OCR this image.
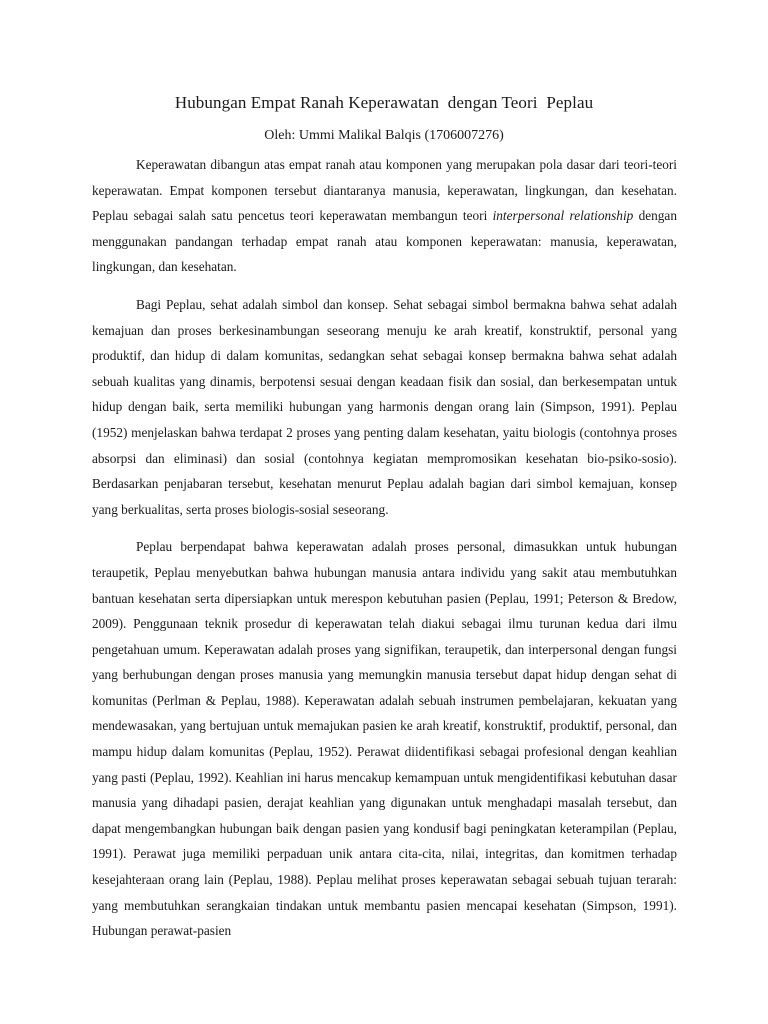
Hubungan Empat Ranah Keperawatan  dengan Teori  Peplau
Oleh: Ummi Malikal Balqis (1706007276)

Keperawatan dibangun atas empat ranah atau komponen yang merupakan pola dasar dari teori-teori keperawatan. Empat komponen tersebut diantaranya manusia, keperawatan, lingkungan, dan kesehatan. Peplau sebagai salah satu pencetus teori keperawatan membangun teori interpersonal relationship dengan menggunakan pandangan terhadap empat ranah atau komponen keperawatan: manusia, keperawatan, lingkungan, dan kesehatan.

Bagi Peplau, sehat adalah simbol dan konsep. Sehat sebagai simbol bermakna bahwa sehat adalah kemajuan dan proses berkesinambungan seseorang menuju ke arah kreatif, konstruktif, personal yang produktif, dan hidup di dalam komunitas, sedangkan sehat sebagai konsep bermakna bahwa sehat adalah sebuah kualitas yang dinamis, berpotensi sesuai dengan keadaan fisik dan sosial, dan berkesempatan untuk hidup dengan baik, serta memiliki hubungan yang harmonis dengan orang lain (Simpson, 1991). Peplau (1952) menjelaskan bahwa terdapat 2 proses yang penting dalam kesehatan, yaitu biologis (contohnya proses absorpsi dan eliminasi) dan sosial (contohnya kegiatan mempromosikan kesehatan bio-psiko-sosio). Berdasarkan penjabaran tersebut, kesehatan menurut Peplau adalah bagian dari simbol kemajuan, konsep yang berkualitas, serta proses biologis-sosial seseorang.

Peplau berpendapat bahwa keperawatan adalah proses personal, dimasukkan untuk hubungan teraupetik, Peplau menyebutkan bahwa hubungan manusia antara individu yang sakit atau membutuhkan bantuan kesehatan serta dipersiapkan untuk merespon kebutuhan pasien (Peplau, 1991; Peterson & Bredow, 2009). Penggunaan teknik prosedur di keperawatan telah diakui sebagai ilmu turunan kedua dari ilmu pengetahuan umum. Keperawatan adalah proses yang signifikan, teraupetik, dan interpersonal dengan fungsi yang berhubungan dengan proses manusia yang memungkin manusia tersebut dapat hidup dengan sehat di komunitas (Perlman & Peplau, 1988). Keperawatan adalah sebuah instrumen pembelajaran, kekuatan yang mendewasakan, yang bertujuan untuk memajukan pasien ke arah kreatif, konstruktif, produktif, personal, dan mampu hidup dalam komunitas (Peplau, 1952). Perawat diidentifikasi sebagai profesional dengan keahlian yang pasti (Peplau, 1992). Keahlian ini harus mencakup kemampuan untuk mengidentifikasi kebutuhan dasar manusia yang dihadapi pasien, derajat keahlian yang digunakan untuk menghadapi masalah tersebut, dan dapat mengembangkan hubungan baik dengan pasien yang kondusif bagi peningkatan keterampilan (Peplau, 1991). Perawat juga memiliki perpaduan unik antara cita-cita, nilai, integritas, dan komitmen terhadap kesejahteraan orang lain (Peplau, 1988). Peplau melihat proses keperawatan sebagai sebuah tujuan terarah: yang membutuhkan serangkaian tindakan untuk membantu pasien mencapai kesehatan (Simpson, 1991). Hubungan perawat-pasien
